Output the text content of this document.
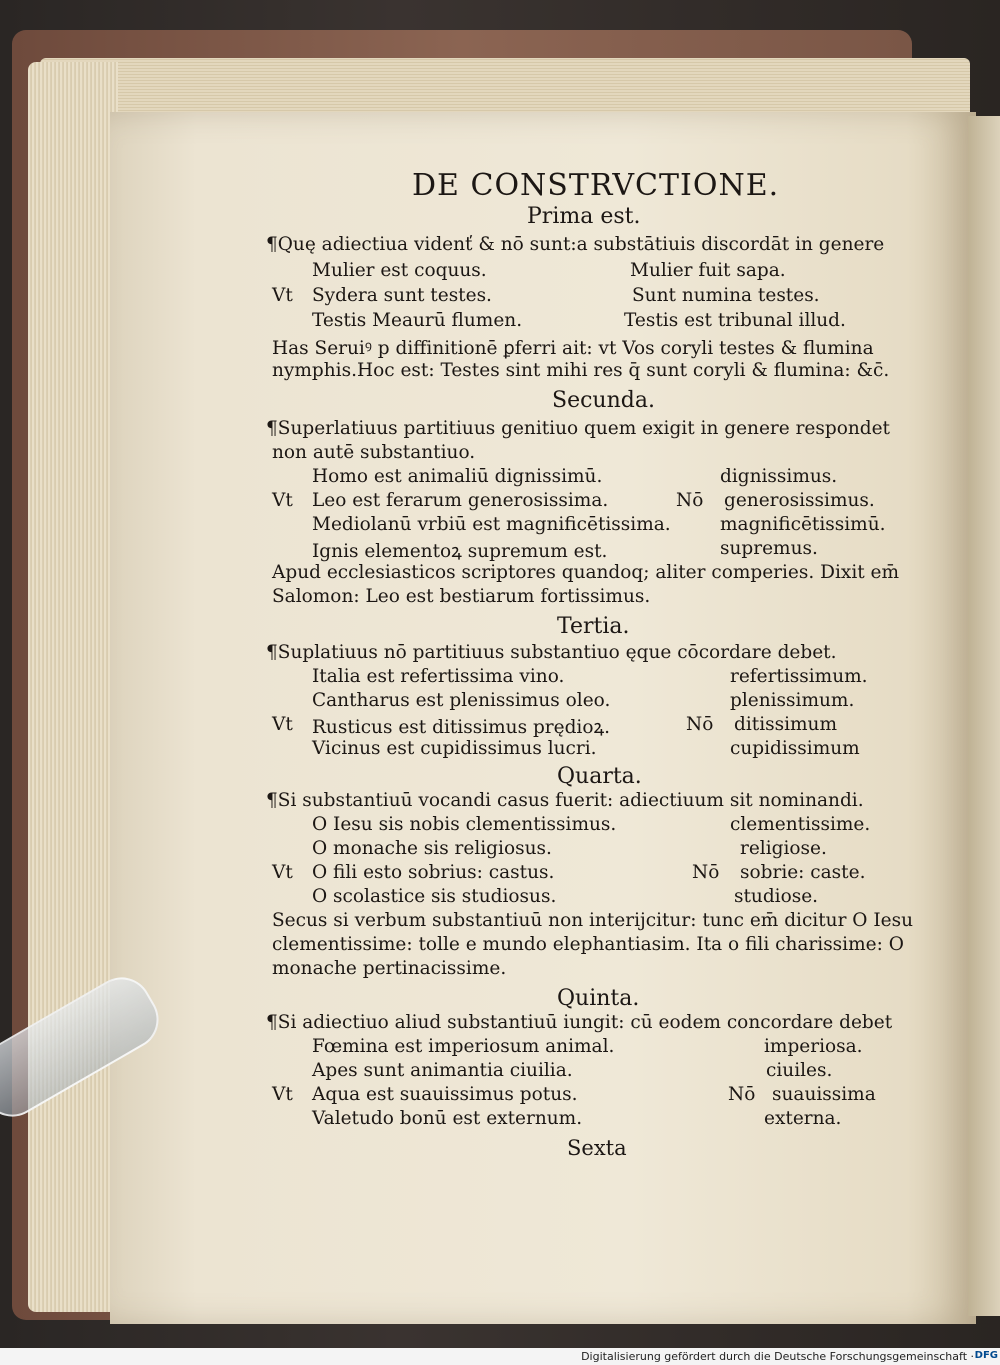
DE CONSTRVCTIONE.
Prima est.
¶Quę adiectiua videnť & nō sunt:a substātiuis discordāt in genere
Mulier est coquus.	Mulier fuit sapa.
Vt Sydera sunt testes.	Sunt numina testes.
Testis Meaurū flumen.	Testis est tribunal illud.
Has Seruiꝰ p diffinitionē ꝑferri ait: vt Vos coryli testes & flumina
nymphis.Hoc est: Testes sint mihi res q̄ sunt coryli & flumina: &c̄.
Secunda.
¶Superlatiuus partitiuus genitiuo quem exigit in genere respondet
non autē substantiuo.
Homo est animaliū dignissimū.	dignissimus.
Vt Leo est ferarum generosissima.	Nō generosissimus.
Mediolanū vrbiū est magnificētissima.	magnificētissimū.
Ignis elementoꝝ supremum est.	supremus.
Apud ecclesiasticos scriptores quandoq; aliter comperies. Dixit em̄
Salomon: Leo est bestiarum fortissimus.
Tertia.
¶Suplatiuus nō partitiuus substantiuo ęque cōcordare debet.
Italia est refertissima vino.	refertissimum.
Cantharus est plenissimus oleo.	plenissimum.
Vt Rusticus est ditissimus prędioꝝ.	Nō ditissimum
Vicinus est cupidissimus lucri.	cupidissimum
Quarta.
¶Si substantiuū vocandi casus fuerit: adiectiuum sit nominandi.
O Iesu sis nobis clementissimus.	clementissime.
O monache sis religiosus.	religiose.
Vt O fili esto sobrius: castus.	Nō sobrie: caste.
O scolastice sis studiosus.	studiose.
Secus si verbum substantiuū non interijcitur: tunc em̄ dicitur O Iesu
clementissime: tolle e mundo elephantiasim. Ita o fili charissime: O
monache pertinacissime.
Quinta.
¶Si adiectiuo aliud substantiuū iungit: cū eodem concordare debet
Fœmina est imperiosum animal.	imperiosa.
Apes sunt animantia ciuilia.	ciuiles.
Vt Aqua est suauissimus potus.	Nō suauissima
Valetudo bonū est externum.	externa.
Sexta
Digitalisierung gefördert durch die Deutsche Forschungsgemeinschaft · DFG
